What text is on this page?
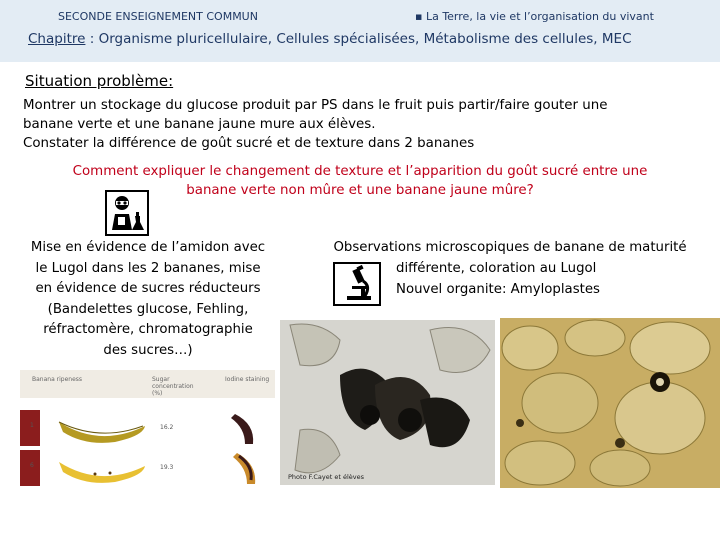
SECONDE ENSEIGNEMENT COMMUN	▪ La Terre, la vie et l’organisation du vivant
Chapitre : Organisme pluricellulaire, Cellules spécialisées, Métabolisme des cellules, MEC
Situation problème:
Montrer un stockage du glucose produit par PS dans le fruit puis partir/faire gouter une
banane verte et une banane jaune mure aux élèves.
Constater la différence de goût sucré et de texture dans 2 bananes
Comment expliquer le changement de texture et l’apparition du goût sucré entre une
banane verte non mûre et une banane jaune mûre?
Mise en évidence de l’amidon avec
le Lugol dans les 2 bananes, mise
en évidence de sucres réducteurs
(Bandelettes glucose, Fehling,
réfractomère, chromatographie
des sucres…)
Observations microscopiques de banane de maturité
différente, coloration au Lugol
Nouvel organite: Amyloplastes
Banana ripeness	Sugar concentration (%)
Iodine staining
1	16.2
6	19.3
Photo F.Cayet et élèves
